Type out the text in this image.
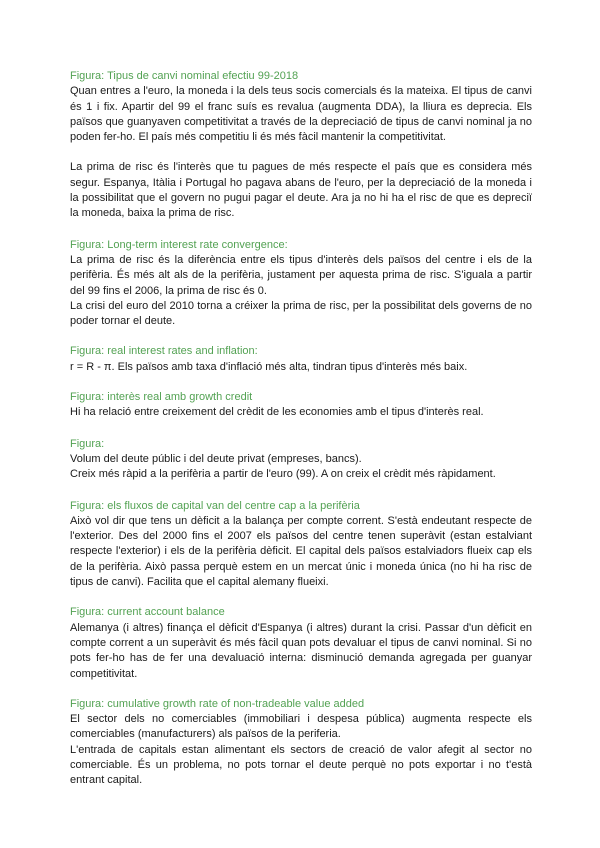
Figura: Tipus de canvi nominal efectiu 99-2018

Quan entres a l'euro, la moneda i la dels teus socis comercials és la mateixa. El tipus de canvi és 1 i fix. Apartir del 99 el franc suís es revalua (augmenta DDA), la lliura es deprecia. Els països que guanyaven competitivitat a través de la depreciació de tipus de canvi nominal ja no poden fer-ho. El país més competitiu li és més fàcil mantenir la competitivitat.

La prima de risc és l'interès que tu pagues de més respecte el país que es considera més segur. Espanya, Itàlia i Portugal ho pagava abans de l'euro, per la depreciació de la moneda i la possibilitat que el govern no pugui pagar el deute. Ara ja no hi ha el risc de que es depreciï la moneda, baixa la prima de risc.

Figura: Long-term interest rate convergence:

La prima de risc és la diferència entre els tipus d'interès dels països del centre i els de la perifèria. És més alt als de la perifèria, justament per aquesta prima de risc. S'iguala a partir del 99 fins el 2006, la prima de risc és 0.

La crisi del euro del 2010 torna a créixer la prima de risc, per la possibilitat dels governs de no poder tornar el deute.

Figura: real interest rates and inflation:

r = R - π. Els països amb taxa d'inflació més alta, tindran tipus d'interès més baix.

Figura: interès real amb growth credit

Hi ha relació entre creixement del crèdit de les economies amb el tipus d'interès real.

Figura:

Volum del deute públic i del deute privat (empreses, bancs).

Creix més ràpid a la perifèria a partir de l'euro (99). A on creix el crèdit més ràpidament.

Figura: els fluxos de capital van del centre cap a la perifèria

Això vol dir que tens un dèficit a la balança per compte corrent. S'està endeutant respecte de l'exterior. Des del 2000 fins el 2007 els països del centre tenen superàvit (estan estalviant respecte l'exterior) i els de la perifèria dèficit. El capital dels països estalviadors flueix cap els de la perifèria. Això passa perquè estem en un mercat únic i moneda única (no hi ha risc de tipus de canvi). Facilita que el capital alemany flueixi.

Figura: current account balance

Alemanya (i altres) finança el dèficit d'Espanya (i altres) durant la crisi. Passar d'un dèficit en compte corrent a un superàvit és més fàcil quan pots devaluar el tipus de canvi nominal. Si no pots fer-ho has de fer una devaluació interna: disminució demanda agregada per guanyar competitivitat.

Figura: cumulative growth rate of non-tradeable value added

El sector dels no comerciables (immobiliari i despesa pública) augmenta respecte els comerciables (manufacturers) als països de la periferia.

L'entrada de capitals estan alimentant els sectors de creació de valor afegit al sector no comerciable. És un problema, no pots tornar el deute perquè no pots exportar i no t'està entrant capital.
